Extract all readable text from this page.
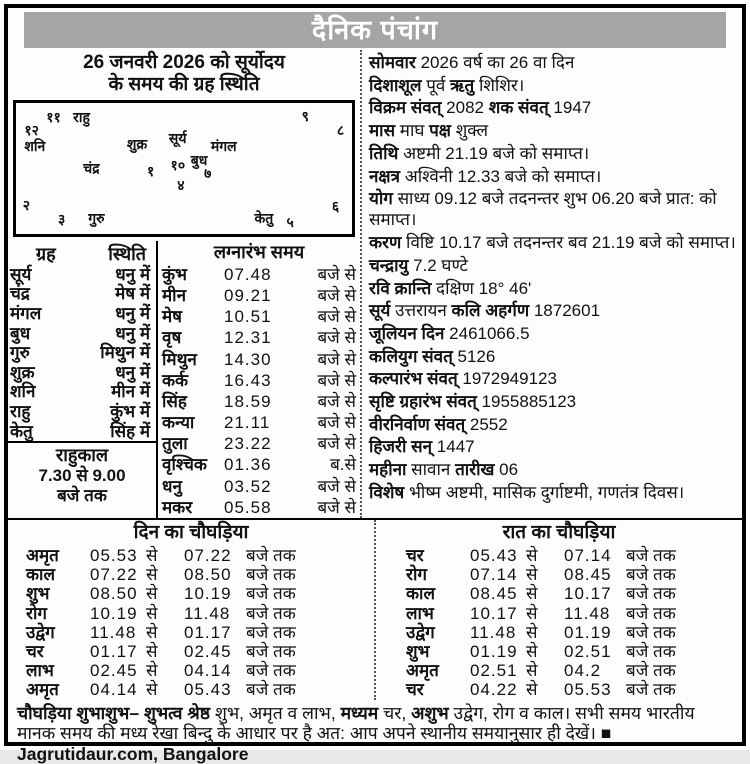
दैनिक पंचांग
26 जनवरी 2026 को सूर्योदय
के समय की ग्रह स्थिति
१२
११ राहु	९
८
शनि	शुक्र सूर्य मंगल
बुध
१०
चंद्र	१	७
४
२
३ गुरु	केतु ५
६
ग्रह	स्थिति
सूर्य	धनु में
चंद्र	मेष में
मंगल	धनु में
बुध	धनु में
गुरु	मिथुन में
शुक्र	धनु में
शनि	मीन में
राहु	कुंभ में
केतु	सिंह में
राहुकाल
7.30 से 9.00
बजे तक
लग्नारंभ समय
कुंभ	07.48	बजे से
मीन	09.21	बजे से
मेष	10.51	बजे से
वृष	12.31	बजे से
मिथुन	14.30	बजे से
कर्क	16.43	बजे से
सिंह	18.59	बजे से
कन्या	21.11	बजे से
तुला	23.22	बजे से
वृश्चिक	01.36	ब.से
धनु	03.52	बजे से
मकर	05.58	बजे से
सोमवार 2026 वर्ष का 26 वा दिन
दिशाशूल पूर्व ऋतु शिशिर।
विक्रम संवत् 2082 शक संवत् 1947
मास माघ पक्ष शुक्ल
तिथि अष्टमी 21.19 बजे को समाप्त।
नक्षत्र अश्विनी 12.33 बजे को समाप्त।
योग साध्य 09.12 बजे तदनन्तर शुभ 06.20 बजे प्रात: को समाप्त।
करण विष्टि 10.17 बजे तदनन्तर बव 21.19 बजे को समाप्त।
चन्द्रायु 7.2 घण्टे
रवि क्रान्ति दक्षिण 18° 46'
सूर्य उत्तरायन कलि अहर्गण 1872601
जूलियन दिन 2461066.5
कलियुग संवत् 5126
कल्पारंभ संवत् 1972949123
सृष्टि ग्रहारंभ संवत् 1955885123
वीरनिर्वाण संवत् 2552
हिजरी सन् 1447
महीना सावान तारीख 06
विशेष भीष्म अष्टमी, मासिक दुर्गाष्टमी, गणतंत्र दिवस।
दिन का चौघड़िया
अमृत	05.53 से	07.22 बजे तक
काल	07.22 से	08.50 बजे तक
शुभ	08.50 से	10.19 बजे तक
रोग	10.19 से	11.48 बजे तक
उद्वेग	11.48 से	01.17 बजे तक
चर	01.17 से	02.45 बजे तक
लाभ	02.45 से	04.14 बजे तक
अमृत	04.14 से	05.43 बजे तक
रात का चौघड़िया
चर	05.43 से	07.14 बजे तक
रोग	07.14 से	08.45 बजे तक
काल	08.45 से	10.17 बजे तक
लाभ	10.17 से	11.48 बजे तक
उद्वेग	11.48 से	01.19 बजे तक
शुभ	01.19 से	02.51 बजे तक
अमृत	02.51 से	04.2	बजे तक
चर	04.22 से	05.53 बजे तक
चौघड़िया शुभाशुभ– शुभत्व श्रेष्ठ शुभ, अमृत व लाभ, मध्यम चर, अशुभ उद्वेग, रोग व काल। सभी समय भारतीय मानक समय की मध्य रेखा बिन्दु के आधार पर है अत: आप अपने स्थानीय समयानुसार ही देखें। ■ Jagrutidaur.com, Bangalore
